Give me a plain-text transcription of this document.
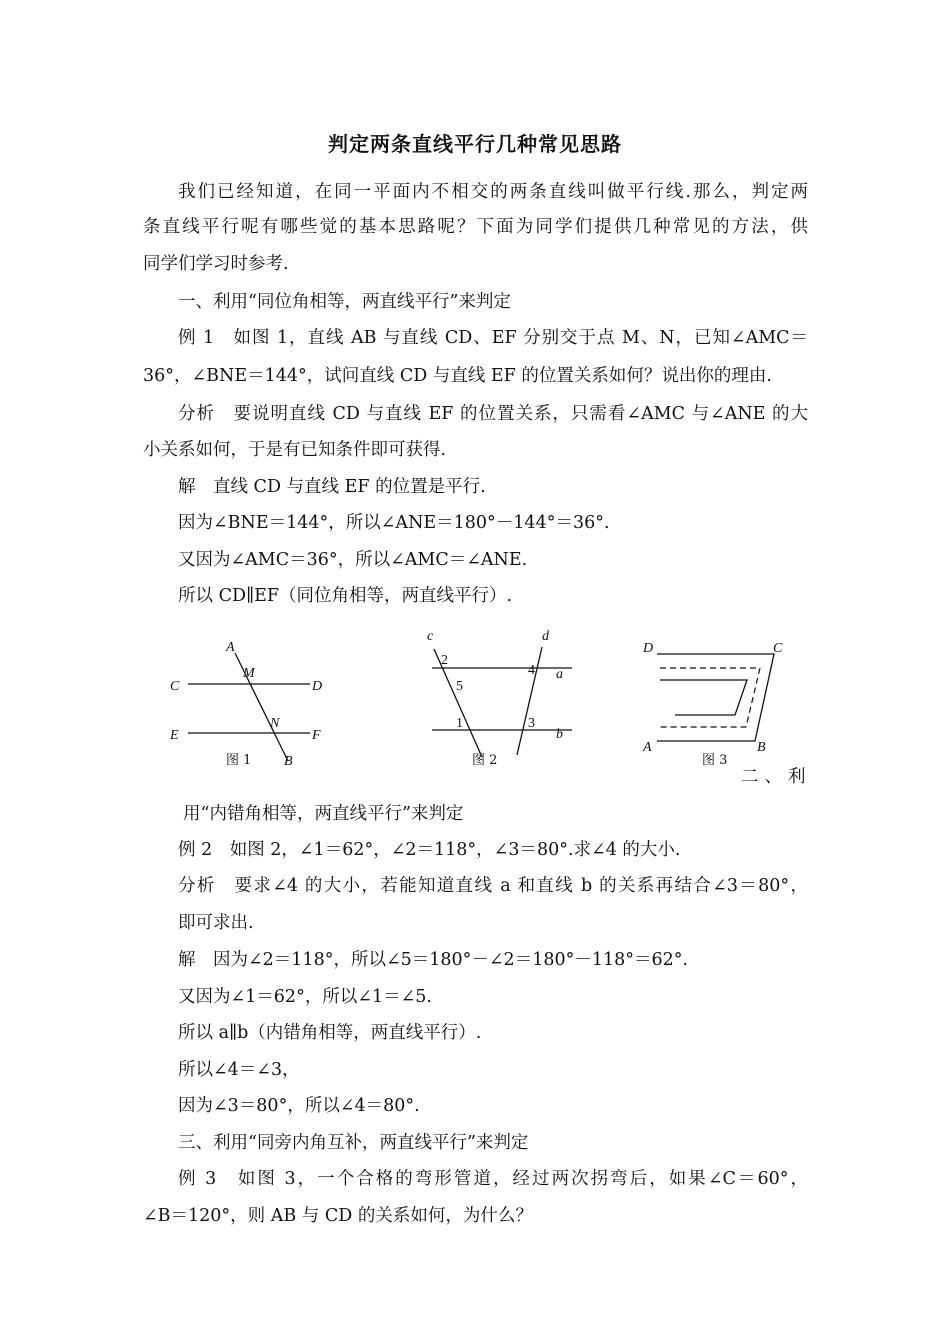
判定两条直线平行几种常见思路
我们已经知道，在同一平面内不相交的两条直线叫做平行线.那么，判定两
条直线平行呢有哪些觉的基本思路呢？下面为同学们提供几种常见的方法，供
同学们学习时参考.
一、利用“同位角相等，两直线平行”来判定
例 1　如图 1，直线 AB 与直线 CD、EF 分别交于点 M、N，已知∠AMC＝
36°，∠BNE＝144°，试问直线 CD 与直线 EF 的位置关系如何？说出你的理由.
分析　要说明直线 CD 与直线 EF 的位置关系，只需看∠AMC 与∠ANE 的大
小关系如何，于是有已知条件即可获得.
解　直线 CD 与直线 EF 的位置是平行.
因为∠BNE＝144°，所以∠ANE＝180°－144°＝36°.
又因为∠AMC＝36°，所以∠AMC＝∠ANE.
所以 CD∥EF（同位角相等，两直线平行）.
A
M
C	D
N
E	F
B
图 1
c	d
a
b
2
5
4
1	3
图 2
D	C
A	B
图 3
二、利
用“内错角相等，两直线平行”来判定
例 2　如图 2，∠1＝62°，∠2＝118°，∠3＝80°.求∠4 的大小.
分析　要求∠4 的大小，若能知道直线 a 和直线 b 的关系再结合∠3＝80°，
即可求出.
解　因为∠2＝118°，所以∠5＝180°－∠2＝180°－118°＝62°.
又因为∠1＝62°，所以∠1＝∠5.
所以 a∥b（内错角相等，两直线平行）.
所以∠4＝∠3，
因为∠3＝80°，所以∠4＝80°.
三、利用“同旁内角互补，两直线平行”来判定
例 3　如图 3，一个合格的弯形管道，经过两次拐弯后，如果∠C＝60°，
∠B＝120°，则 AB 与 CD 的关系如何，为什么？
